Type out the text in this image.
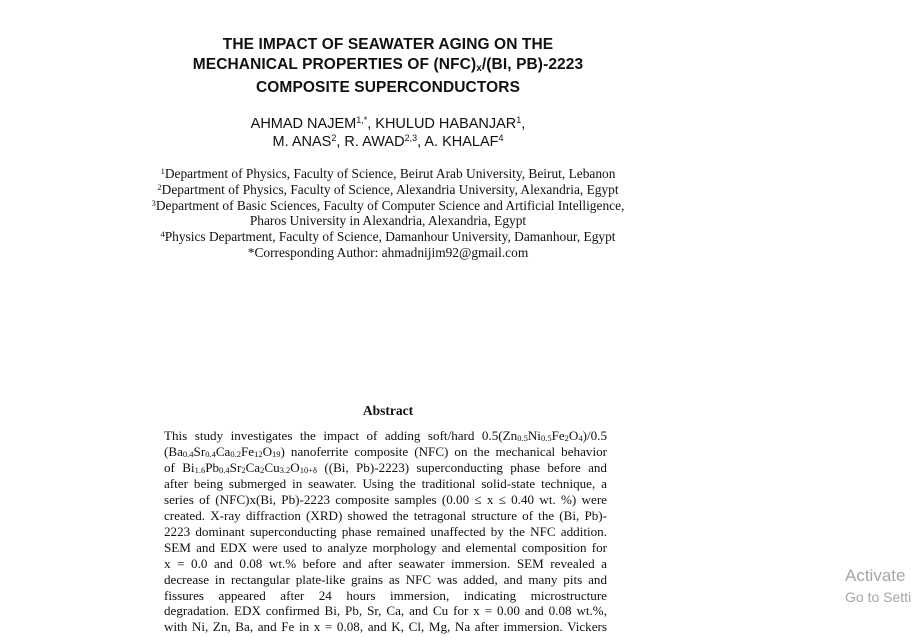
THE IMPACT OF SEAWATER AGING ON THE
MECHANICAL PROPERTIES OF $(NFC)_x/(BI$, PB)-2223
COMPOSITE SUPERCONDUCTORS
AHMAD $NAJEM^{1,*}$, KHULUD HABANJAR$^1$,
M. ANAS$^2$, R. AWAD$^{2,3}$, A. KHALAF$^4$
$^1$Department of Physics, Faculty of Science, Beirut Arab University, Beirut, Lebanon
$^2$Department of Physics, Faculty of Science, Alexandria University, Alexandria, Egypt
$^3$Department of Basic Sciences, Faculty of Computer Science and Artificial Intelligence,
Pharos University in Alexandria, Alexandria, Egypt
$^4$Physics Department, Faculty of Science, Damanhour University, Damanhour, Egypt
*Corresponding Author: ahmadnijim92@gmail.com
Abstract
This study investigates the impact of adding soft/hard $0.5(Zn_{0.5}Ni_{0.5}Fe_2O_4)/0.5$
$(Ba_{0.4}Sr_{0.4}Ca_{0.2}Fe_{12}O_{19})$ nanoferrite composite (NFC) on the mechanical behavior
of $Bi_{1.6}Pb_{0.4}Sr_2Ca_2Cu_{3.2}O_{10+\delta}$ ((Bi, Pb)-2223) superconducting phase before and
after being submerged in seawater. Using the traditional solid-state technique, a
series of (NFC)x(Bi, Pb)-2223 composite samples (0.00 ≤ x ≤ 0.40 wt. %) were
created. X-ray diffraction (XRD) showed the tetragonal structure of the (Bi, Pb)-
2223 dominant superconducting phase remained unaffected by the NFC addition.
SEM and EDX were used to analyze morphology and elemental composition for
x = 0.0 and 0.08 wt.% before and after seawater immersion. SEM revealed a
decrease in rectangular plate-like grains as NFC was added, and many pits and
fissures appeared after 24 hours immersion, indicating microstructure
degradation. EDX confirmed Bi, Pb, Sr, Ca, and Cu for x = 0.00 and 0.08 wt.%,
with Ni, Zn, Ba, and Fe in x = 0.08, and K, Cl, Mg, Na after immersion. Vickers
Activate
Go to Setti
